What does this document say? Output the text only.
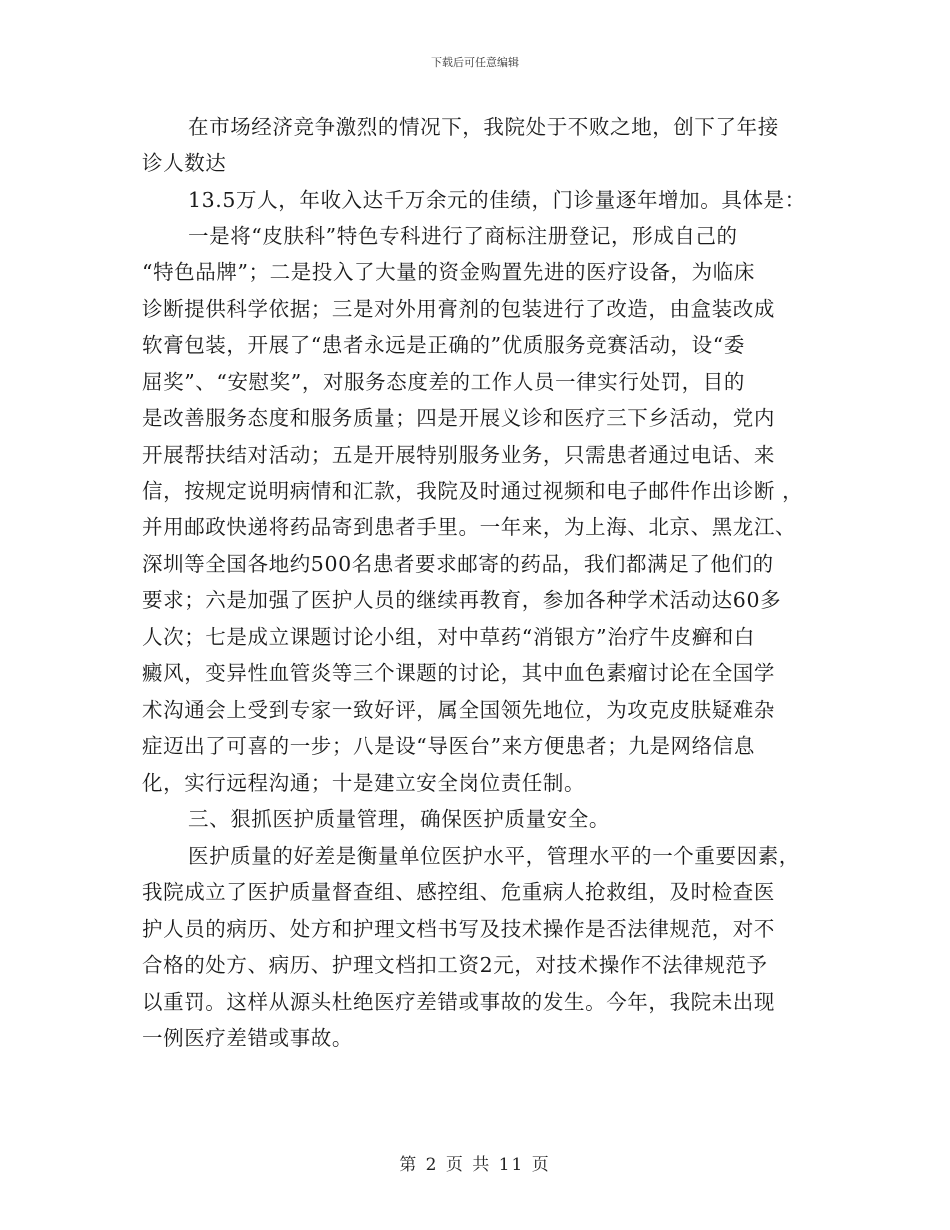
下载后可任意编辑
在市场经济竞争激烈的情况下，我院处于不败之地，创下了年接
诊人数达
13.5万人，年收入达千万余元的佳绩，门诊量逐年增加。具体是：
一是将“皮肤科”特色专科进行了商标注册登记，形成自己的
“特色品牌”；二是投入了大量的资金购置先进的医疗设备，为临床
诊断提供科学依据；三是对外用膏剂的包装进行了改造，由盒装改成
软膏包装，开展了“患者永远是正确的”优质服务竞赛活动，设“委
屈奖”、“安慰奖”，对服务态度差的工作人员一律实行处罚，目的
是改善服务态度和服务质量；四是开展义诊和医疗三下乡活动，党内
开展帮扶结对活动；五是开展特别服务业务，只需患者通过电话、来
信，按规定说明病情和汇款，我院及时通过视频和电子邮件作出诊断 ，
并用邮政快递将药品寄到患者手里。一年来，为上海、北京、黑龙江、
深圳等全国各地约500名患者要求邮寄的药品，我们都满足了他们的
要求；六是加强了医护人员的继续再教育，参加各种学术活动达60多
人次；七是成立课题讨论小组，对中草药“消银方”治疗牛皮癣和白
癜风，变异性血管炎等三个课题的讨论，其中血色素瘤讨论在全国学
术沟通会上受到专家一致好评，属全国领先地位，为攻克皮肤疑难杂
症迈出了可喜的一步；八是设“导医台”来方便患者；九是网络信息
化，实行远程沟通；十是建立安全岗位责任制。
三、狠抓医护质量管理，确保医护质量安全。
医护质量的好差是衡量单位医护水平，管理水平的一个重要因素，
我院成立了医护质量督查组、感控组、危重病人抢救组，及时检查医
护人员的病历、处方和护理文档书写及技术操作是否法律规范，对不
合格的处方、病历、护理文档扣工资2元，对技术操作不法律规范予
以重罚。这样从源头杜绝医疗差错或事故的发生。今年，我院未出现
一例医疗差错或事故。
第 2 页 共 11 页
